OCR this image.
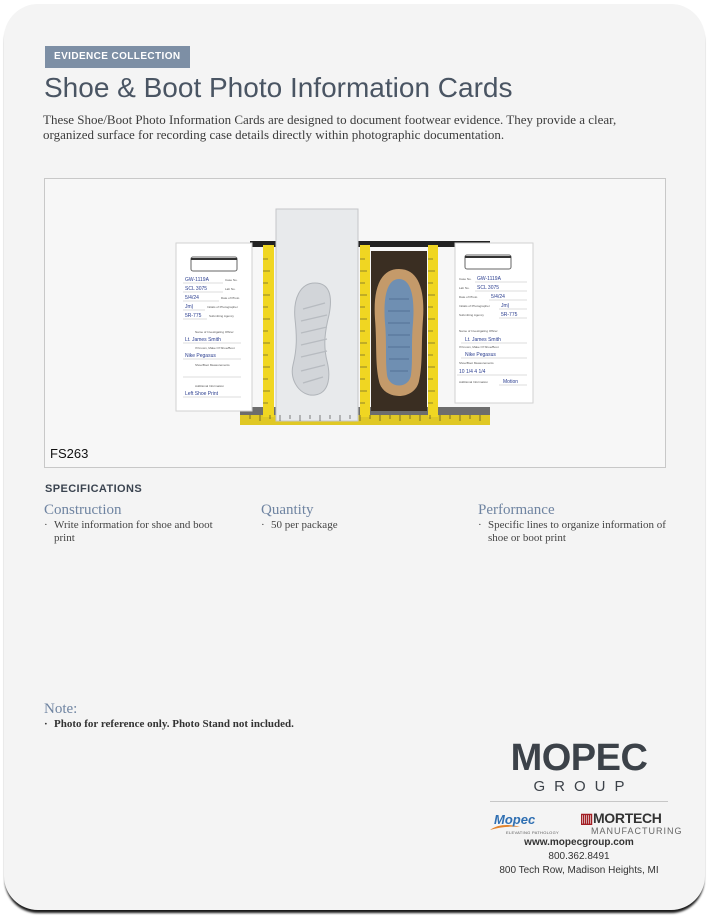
EVIDENCE COLLECTION
Shoe & Boot Photo Information Cards

These Shoe/Boot Photo Information Cards are designed to document footwear evidence. They provide a clear, organized surface for recording case details directly within photographic documentation.

GW-1119A
SCL 3075
5/4/24
Jm)
5R-775
Lt. James Smith
Nike Pegasus
Left Shoe Print
Case No.
Lab No.
Date of Photo
Initials of Photographer
Submitting Agency
Name of Investigating Officer
If Known, Make Of Shoe/Boot
Shoe/Boot Measurements
Additional Information
GW-1119A
SCL 3075
5/4/24
Jm)
5R-775
Lt. James Smith
Nike Pegasus
10 1/4 4 1/4
Motion
Case No.
Lab No.
Date of Photo
Initials of Photographer
Submitting Agency
Name of Investigating Officer
If Known, Make Of Shoe/Boot
Shoe/Boot Measurements
Additional Information
FS263
SPECIFICATIONS
Construction
· Write information for shoe and boot print
Quantity
· 50 per package
Performance
· Specific lines to organize information of shoe or boot print
Note:
· Photo for reference only. Photo Stand not included.
MOPEC
GROUP
Mopec
ELEVATING PATHOLOGY
▥MORTECH
MANUFACTURING
www.mopecgroup.com
800.362.8491
800 Tech Row, Madison Heights, MI
